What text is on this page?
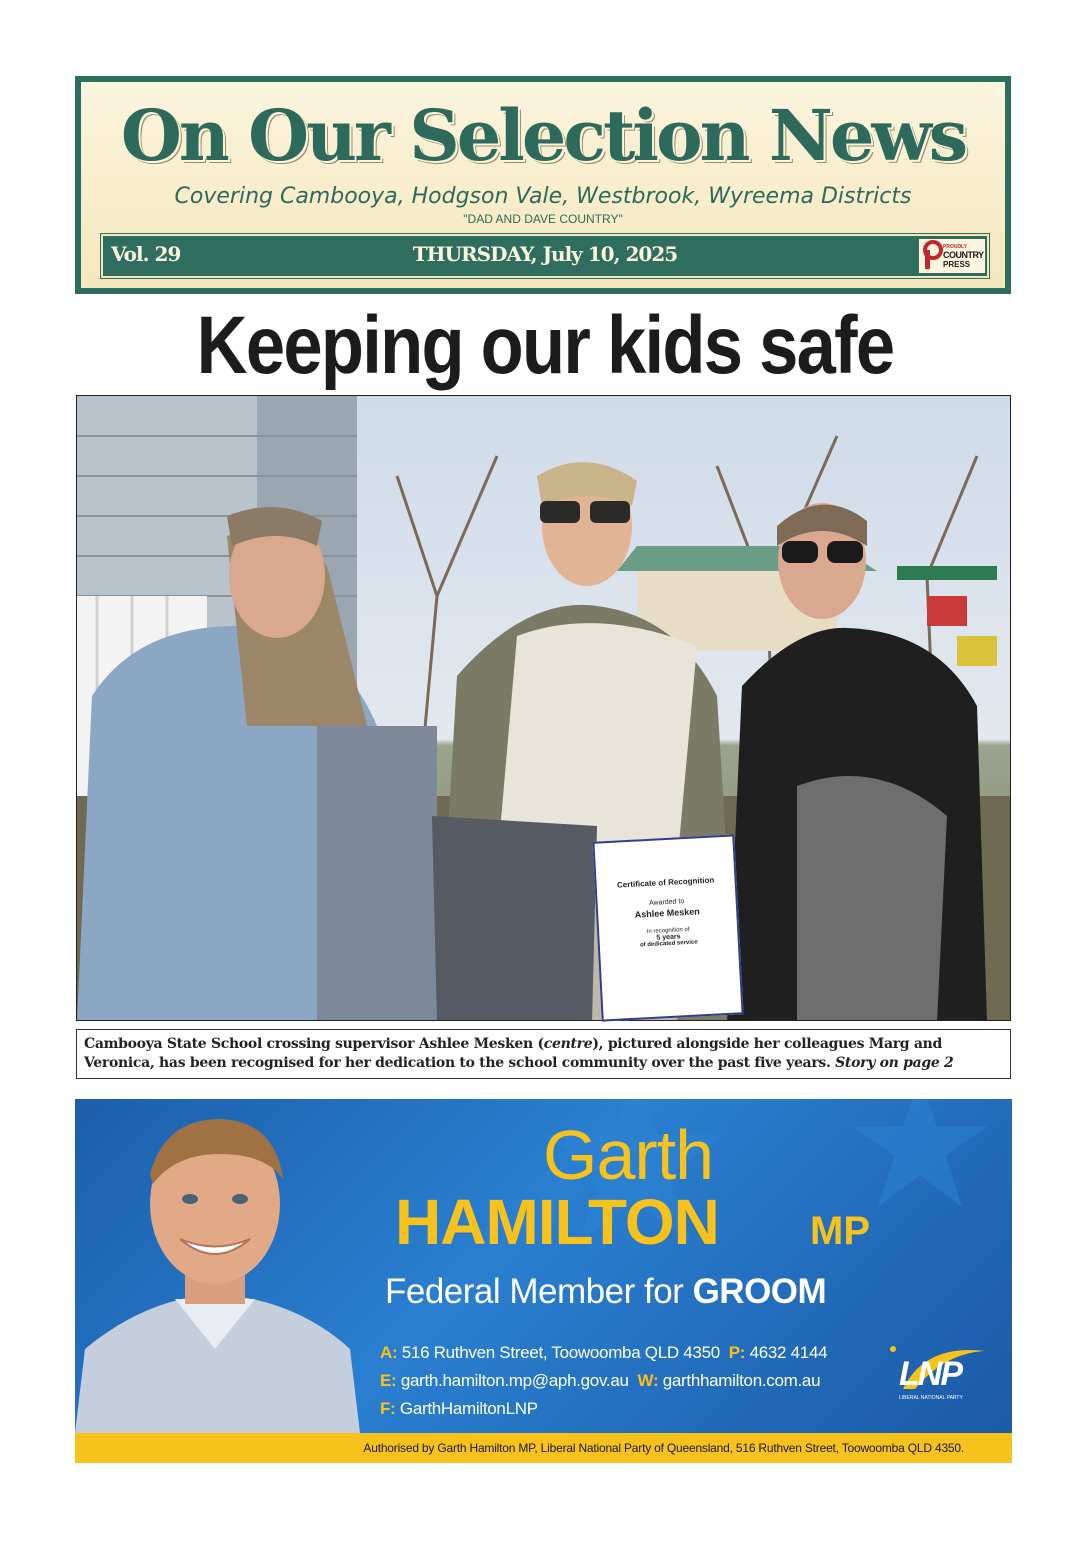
On Our Selection News
Covering Cambooya, Hodgson Vale, Westbrook, Wyreema Districts
"DAD AND DAVE COUNTRY"
Vol. 29	THURSDAY, July 10, 2025	PROUDLY
COUNTRY
PRESS
Keeping our kids safe
Certificate of Recognition
Awarded to
Ashlee Mesken
In recognition of
5 years
of dedicated service
Cambooya State School crossing supervisor Ashlee Mesken (centre), pictured alongside her colleagues Marg and Veronica, has been recognised for her dedication to the school community over the past five years. Story on page 2
Garth
HAMILTON MP
Federal Member for GROOM
A: 516 Ruthven Street, Toowoomba QLD 4350 P: 4632 4144
E: garth.hamilton.mp@aph.gov.au W: garthhamilton.com.au
F: GarthHamiltonLNP
LNP
LIBERAL NATIONAL PARTY
Authorised by Garth Hamilton MP, Liberal National Party of Queensland, 516 Ruthven Street, Toowoomba QLD 4350.
